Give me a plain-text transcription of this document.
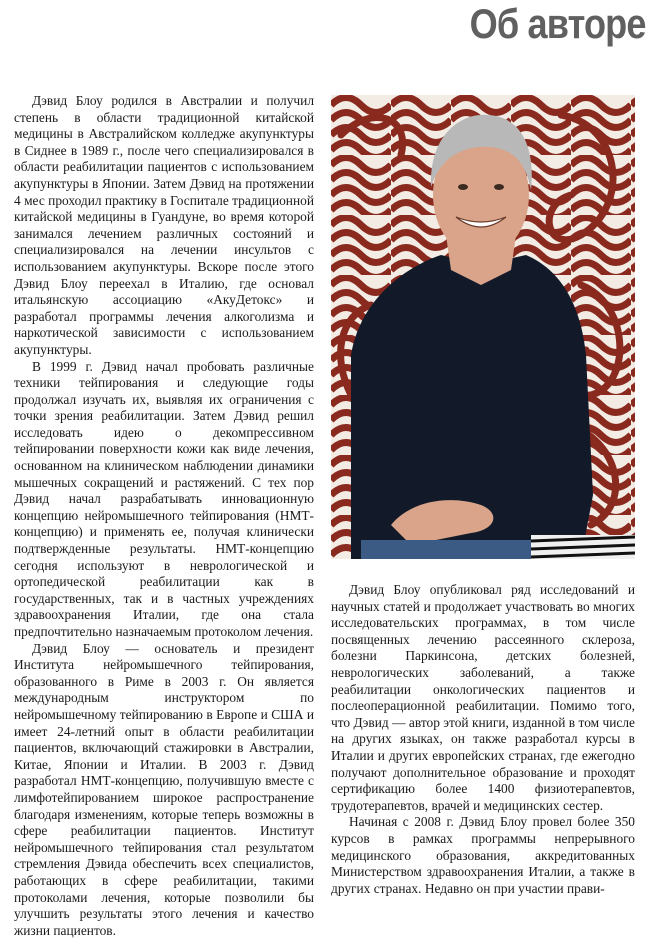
Об авторе

Дэвид Блоу родился в Австралии и получил степень в области традиционной китайской медицины в Австралийском колледже акупунктуры в Сиднее в 1989 г., после чего специализировался в области реабилитации пациентов с использованием акупунктуры в Японии. Затем Дэвид на протяжении 4 мес проходил практику в Госпитале традиционной китайской медицины в Гуандуне, во время которой занимался лечением различных состояний и специализировался на лечении инсультов с использованием акупунктуры. Вскоре после этого Дэвид Блоу переехал в Италию, где основал итальянскую ассоциацию «АкуДетокс» и разработал программы лечения алкоголизма и наркотической зависимости с использованием акупунктуры.

В 1999 г. Дэвид начал пробовать различные техники тейпирования и следующие годы продолжал изучать их, выявляя их ограничения с точки зрения реабилитации. Затем Дэвид решил исследовать идею о декомпрессивном тейпировании поверхности кожи как виде лечения, основанном на клиническом наблюдении динамики мышечных сокращений и растяжений. С тех пор Дэвид начал разрабатывать инновационную концепцию нейромышечного тейпирования (НМТ-концепцию) и применять ее, получая клинически подтвержденные результаты. НМТ-концепцию сегодня используют в неврологической и ортопедической реабилитации как в государственных, так и в частных учреждениях здравоохранения Италии, где она стала предпочтительно назначаемым протоколом лечения.

Дэвид Блоу — основатель и президент Института нейромышечного тейпирования, образованного в Риме в 2003 г. Он является международным инструктором по нейромышечному тейпированию в Европе и США и имеет 24-летний опыт в области реабилитации пациентов, включающий стажировки в Австралии, Китае, Японии и Италии. В 2003 г. Дэвид разработал НМТ-концепцию, получившую вместе с лимфотейпированием широкое распространение благодаря изменениям, которые теперь возможны в сфере реабилитации пациентов. Институт нейромышечного тейпирования стал результатом стремления Дэвида обеспечить всех специалистов, работающих в сфере реабилитации, такими протоколами лечения, которые позволили бы улучшить результаты этого лечения и качество жизни пациентов.

Дэвид Блоу опубликовал ряд исследований и научных статей и продолжает участвовать во многих исследовательских программах, в том числе посвященных лечению рассеянного склероза, болезни Паркинсона, детских болезней, неврологических заболеваний, а также реабилитации онкологических пациентов и послеоперационной реабилитации. Помимо того, что Дэвид — автор этой книги, изданной в том числе на других языках, он также разработал курсы в Италии и других европейских странах, где ежегодно получают дополнительное образование и проходят сертификацию более 1400 физиотерапевтов, трудотерапевтов, врачей и медицинских сестер.

Начиная с 2008 г. Дэвид Блоу провел более 350 курсов в рамках программы непрерывного медицинского образования, аккредитованных Министерством здравоохранения Италии, а также в других странах. Недавно он при участии прави-
